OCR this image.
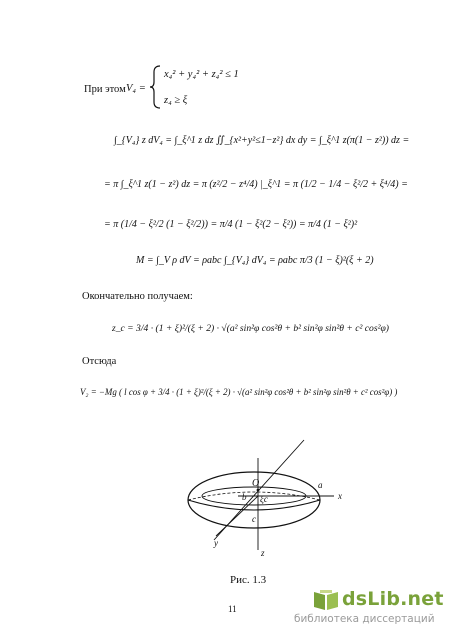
При этом V₄ =
x₄² + y₄² + z₄² ≤ 1
z₄ ≥ ξ
∫_{V₄} z dV₄ = ∫_ξ^1 z dz ∬_{x²+y²≤1−z²} dx dy = ∫_ξ^1 z(π(1 − z²)) dz =
= π ∫_ξ^1 z(1 − z²) dz = π (z²/2 − z⁴/4) |_ξ^1 = π (1/2 − 1/4 − ξ²/2 + ξ⁴/4) =
= π (1/4 − ξ²/2 (1 − ξ²/2)) = π/4 (1 − ξ²(2 − ξ²)) = π/4 (1 − ξ²)²
M = ∫_V ρ dV = ρabc ∫_{V₄} dV₄ = ρabc π/3 (1 − ξ)²(ξ + 2)
Окончательно получаем:
z_c = 3/4 · (1 + ξ)²/(ξ + 2) · √(a² sin²φ cos²θ + b² sin²φ sin²θ + c² cos²φ)
Отсюда
V₂ = −Mg ( l cos φ + 3/4 · (1 + ξ)²/(ξ + 2) · √(a² sin²φ cos²θ + b² sin²φ sin²θ + c² cos²φ) )
O	a
x
b ξc
c
y
z
Рис. 1.3
11	dsLib.net
библиотека диссертаций
